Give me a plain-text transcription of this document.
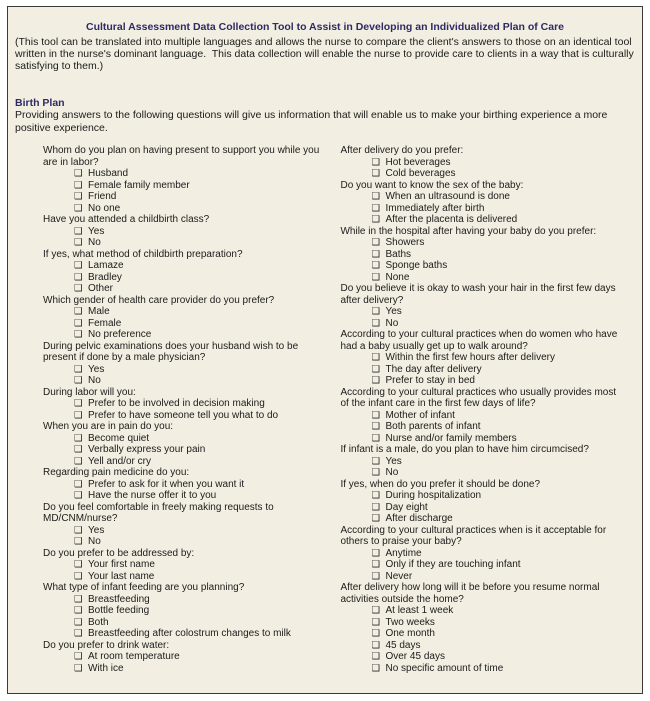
Cultural Assessment Data Collection Tool to Assist in Developing an Individualized Plan of Care

(This tool can be translated into multiple languages and allows the nurse to compare the client's answers to those on an identical tool written in the nurse's dominant language.  This data collection will enable the nurse to provide care to clients in a way that is culturally satisfying to them.)

Birth Plan

Providing answers to the following questions will give us information that will enable us to make your birthing experience a more positive experience.

Whom do you plan on having present to support you while you are in labor?
❑ Husband
❑ Female family member
❑ Friend
❑ No one
Have you attended a childbirth class?
❑ Yes
❑ No
If yes, what method of childbirth preparation?
❑ Lamaze
❑ Bradley
❑ Other
Which gender of health care provider do you prefer?
❑ Male
❑ Female
❑ No preference
During pelvic examinations does your husband wish to be present if done by a male physician?
❑ Yes
❑ No
During labor will you:
❑ Prefer to be involved in decision making
❑ Prefer to have someone tell you what to do
When you are in pain do you:
❑ Become quiet
❑ Verbally express your pain
❑ Yell and/or cry
Regarding pain medicine do you:
❑ Prefer to ask for it when you want it
❑ Have the nurse offer it to you
Do you feel comfortable in freely making requests to MD/CNM/nurse?
❑ Yes
❑ No
Do you prefer to be addressed by:
❑ Your first name
❑ Your last name
What type of infant feeding are you planning?
❑ Breastfeeding
❑ Bottle feeding
❑ Both
❑ Breastfeeding after colostrum changes to milk
Do you prefer to drink water:
❑ At room temperature
❑ With ice
After delivery do you prefer:
❑ Hot beverages
❑ Cold beverages
Do you want to know the sex of the baby:
❑ When an ultrasound is done
❑ Immediately after birth
❑ After the placenta is delivered
While in the hospital after having your baby do you prefer:
❑ Showers
❑ Baths
❑ Sponge baths
❑ None
Do you believe it is okay to wash your hair in the first few days after delivery?
❑ Yes
❑ No
According to your cultural practices when do women who have had a baby usually get up to walk around?
❑ Within the first few hours after delivery
❑ The day after delivery
❑ Prefer to stay in bed
According to your cultural practices who usually provides most of the infant care in the first few days of life?
❑ Mother of infant
❑ Both parents of infant
❑ Nurse and/or family members
If infant is a male, do you plan to have him circumcised?
❑ Yes
❑ No
If yes, when do you prefer it should be done?
❑ During hospitalization
❑ Day eight
❑ After discharge
According to your cultural practices when is it acceptable for others to praise your baby?
❑ Anytime
❑ Only if they are touching infant
❑ Never
After delivery how long will it be before you resume normal activities outside the home?
❑ At least 1 week
❑ Two weeks
❑ One month
❑ 45 days
❑ Over 45 days
❑ No specific amount of time
